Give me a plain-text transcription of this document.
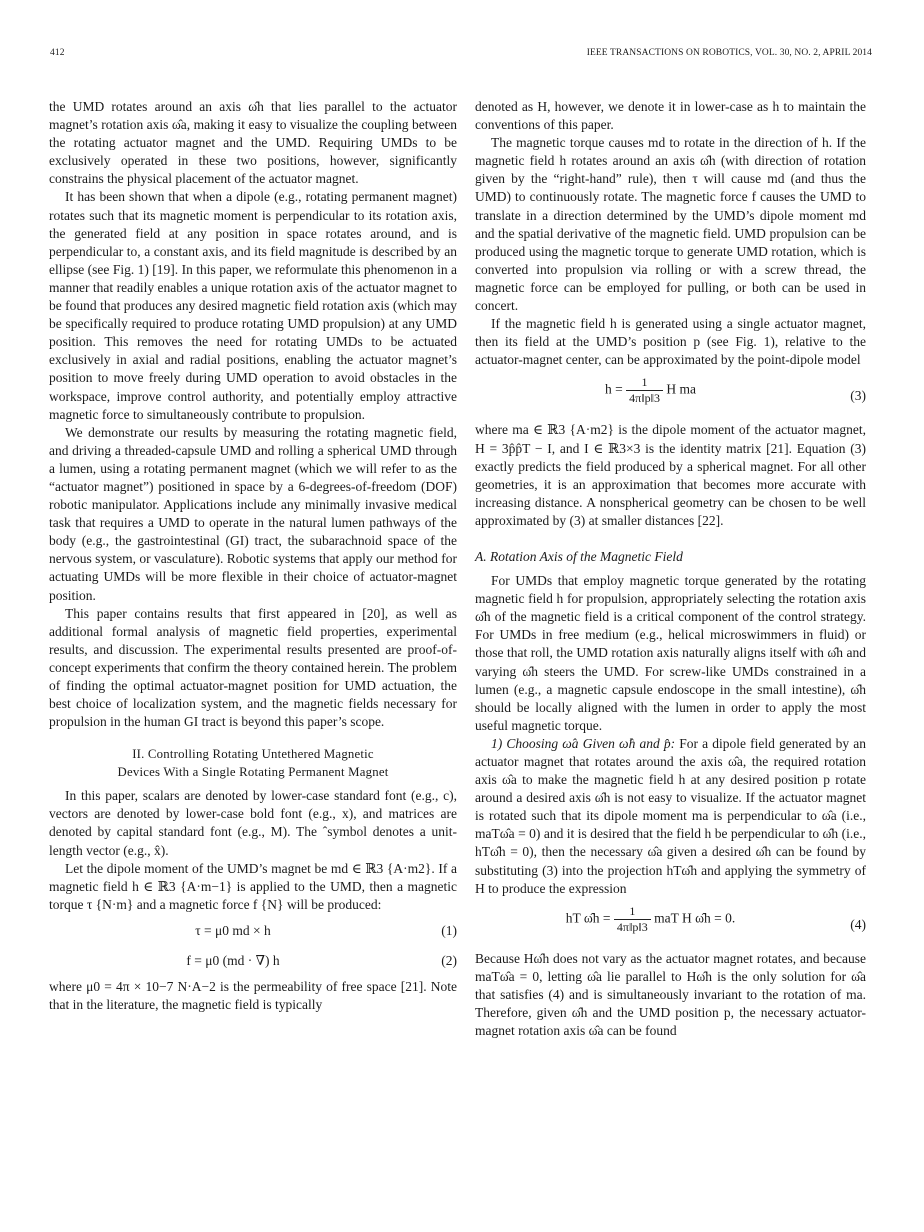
412	IEEE TRANSACTIONS ON ROBOTICS, VOL. 30, NO. 2, APRIL 2014

the UMD rotates around an axis ω̂h that lies parallel to the actuator magnet’s rotation axis ω̂a, making it easy to visualize the coupling between the rotating actuator magnet and the UMD. Requiring UMDs to be exclusively operated in these two positions, however, significantly constrains the physical placement of the actuator magnet.

It has been shown that when a dipole (e.g., rotating permanent magnet) rotates such that its magnetic moment is perpendicular to its rotation axis, the generated field at any position in space rotates around, and is perpendicular to, a constant axis, and its field magnitude is described by an ellipse (see Fig. 1) [19]. In this paper, we reformulate this phenomenon in a manner that readily enables a unique rotation axis of the actuator magnet to be found that produces any desired magnetic field rotation axis (which may be specifically required to produce rotating UMD propulsion) at any UMD position. This removes the need for rotating UMDs to be actuated exclusively in axial and radial positions, enabling the actuator magnet’s position to move freely during UMD operation to avoid obstacles in the workspace, improve control authority, and potentially employ attractive magnetic force to simultaneously contribute to propulsion.

We demonstrate our results by measuring the rotating magnetic field, and driving a threaded-capsule UMD and rolling a spherical UMD through a lumen, using a rotating permanent magnet (which we will refer to as the “actuator magnet”) positioned in space by a 6-degrees-of-freedom (DOF) robotic manipulator. Applications include any minimally invasive medical task that requires a UMD to operate in the natural lumen pathways of the body (e.g., the gastrointestinal (GI) tract, the subarachnoid space of the nervous system, or vasculature). Robotic systems that apply our method for actuating UMDs will be more flexible in their choice of actuator-magnet position.

This paper contains results that first appeared in [20], as well as additional formal analysis of magnetic field properties, experimental results, and discussion. The experimental results presented are proof-of-concept experiments that confirm the theory contained herein. The problem of finding the optimal actuator-magnet position for UMD actuation, the best choice of localization system, and the magnetic fields necessary for propulsion in the human GI tract is beyond this paper’s scope.

II. Controlling Rotating Untethered Magnetic
Devices With a Single Rotating Permanent Magnet

In this paper, scalars are denoted by lower-case standard font (e.g., c), vectors are denoted by lower-case bold font (e.g., x), and matrices are denoted by capital standard font (e.g., M). The ˆsymbol denotes a unit-length vector (e.g., x̂).

Let the dipole moment of the UMD’s magnet be md ∈ ℝ3 {A·m2}. If a magnetic field h ∈ ℝ3 {A·m−1} is applied to the UMD, then a magnetic torque τ {N·m} and a magnetic force f {N} will be produced:

τ = μ0 md × h	(1)
f = μ0 (md · ∇) h	(2)

where μ0 = 4π × 10−7 N·A−2 is the permeability of free space [21]. Note that in the literature, the magnetic field is typically

denoted as H, however, we denote it in lower-case as h to maintain the conventions of this paper.

The magnetic torque causes md to rotate in the direction of h. If the magnetic field h rotates around an axis ω̂h (with direction of rotation given by the “right-hand” rule), then τ will cause md (and thus the UMD) to continuously rotate. The magnetic force f causes the UMD to translate in a direction determined by the UMD’s dipole moment md and the spatial derivative of the magnetic field. UMD propulsion can be produced using the magnetic torque to generate UMD rotation, which is converted into propulsion via rolling or with a screw thread, the magnetic force can be employed for pulling, or both can be used in concert.

If the magnetic field h is generated using a single actuator magnet, then its field at the UMD’s position p (see Fig. 1), relative to the actuator-magnet center, can be approximated by the point-dipole model

$h = \frac{1}{4\pi‖p‖3}$ H ma	(3)

where ma ∈ ℝ3 {A·m2} is the dipole moment of the actuator magnet, H = 3p̂p̂T − I, and I ∈ ℝ3×3 is the identity matrix [21]. Equation (3) exactly predicts the field produced by a spherical magnet. For all other geometries, it is an approximation that becomes more accurate with increasing distance. A nonspherical geometry can be chosen to be well approximated by (3) at smaller distances [22].

A. Rotation Axis of the Magnetic Field

For UMDs that employ magnetic torque generated by the rotating magnetic field h for propulsion, appropriately selecting the rotation axis ω̂h of the magnetic field is a critical component of the control strategy. For UMDs in free medium (e.g., helical microswimmers in fluid) or those that roll, the UMD rotation axis naturally aligns itself with ω̂h and varying ω̂h steers the UMD. For screw-like UMDs constrained in a lumen (e.g., a magnetic capsule endoscope in the small intestine), ω̂h should be locally aligned with the lumen in order to apply the most useful magnetic torque.

1) Choosing ω̂a Given ω̂h and p̂: For a dipole field generated by an actuator magnet that rotates around the axis ω̂a, the required rotation axis ω̂a to make the magnetic field h at any desired position p rotate around a desired axis ω̂h is not easy to visualize. If the actuator magnet is rotated such that its dipole moment ma is perpendicular to ω̂a (i.e., maTω̂a = 0) and it is desired that the field h be perpendicular to ω̂h (i.e., hTω̂h = 0), then the necessary ω̂a given a desired ω̂h can be found by substituting (3) into the projection hTω̂h and applying the symmetry of H to produce the expression

hT ω̂h = $\frac{1}{4\pi‖p‖3}$ maT H ω̂h = 0.	(4)

Because Hω̂h does not vary as the actuator magnet rotates, and because maTω̂a = 0, letting ω̂a lie parallel to Hω̂h is the only solution for ω̂a that satisfies (4) and is simultaneously invariant to the rotation of ma. Therefore, given ω̂h and the UMD position p, the necessary actuator-magnet rotation axis ω̂a can be found
